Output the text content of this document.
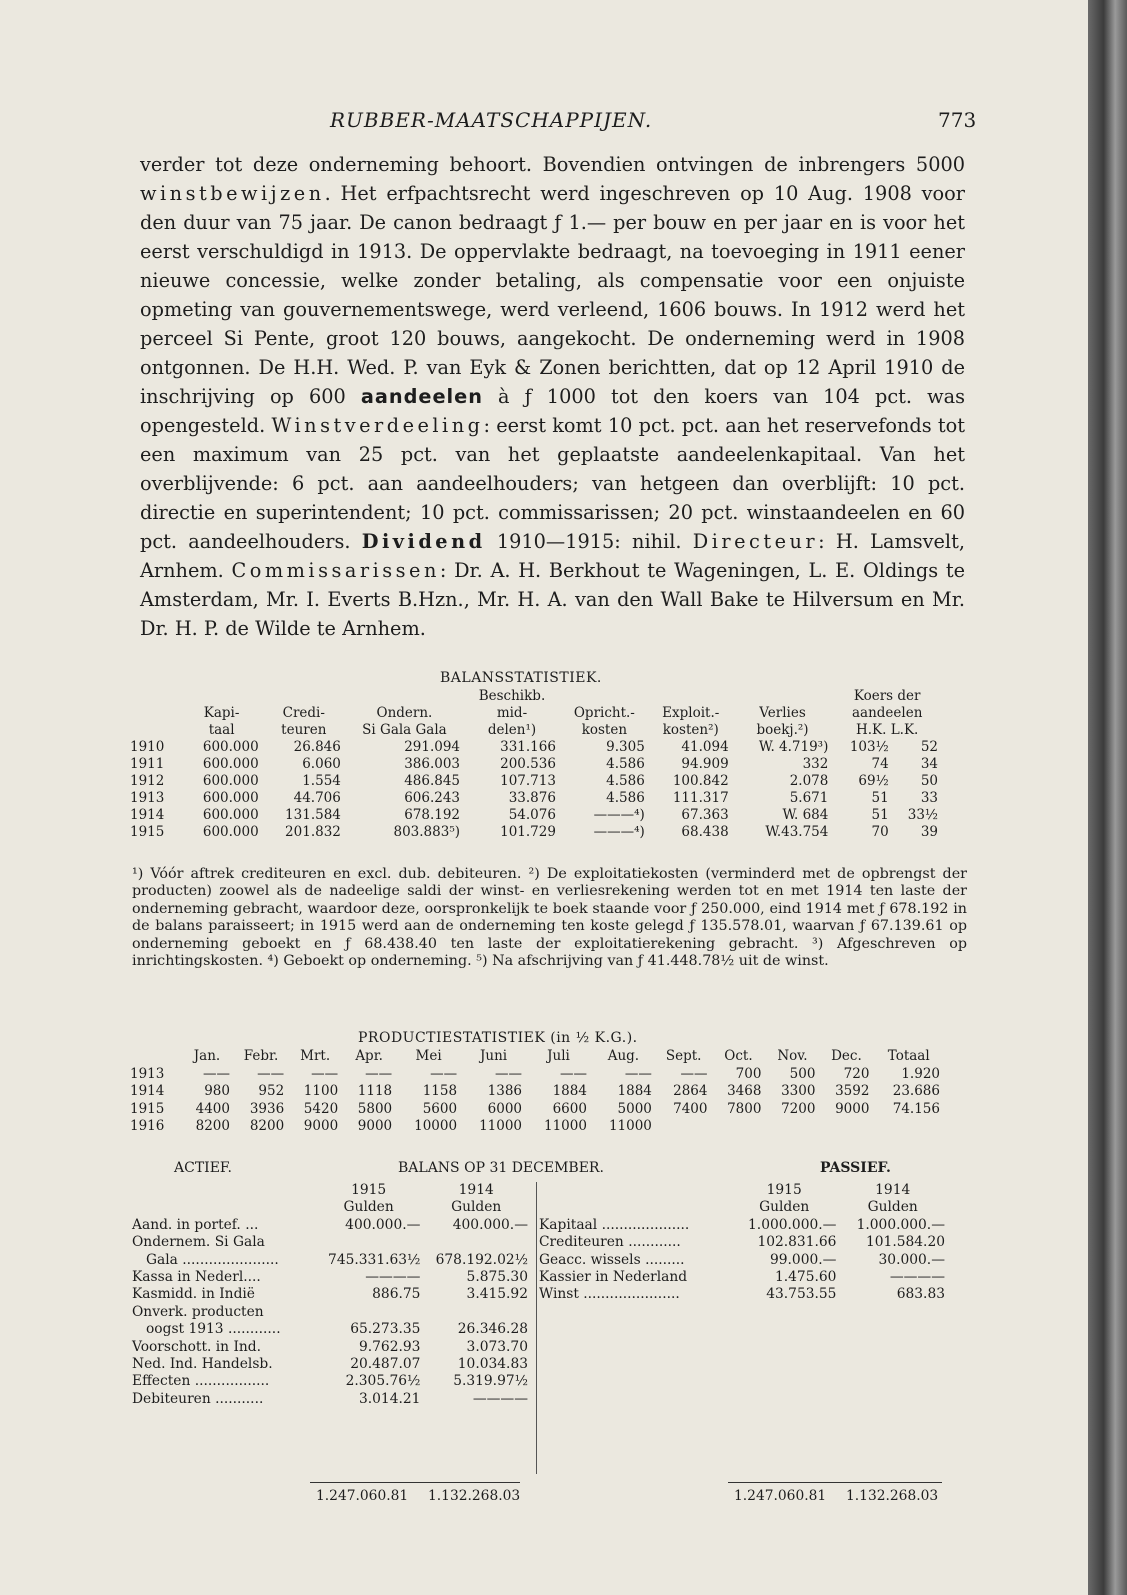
RUBBER-MAATSCHAPPIJEN.	773

verder tot deze onderneming behoort. Bovendien ontvingen de inbrengers 5000 winstbewijzen. Het erfpachtsrecht werd ingeschreven op 10 Aug. 1908 voor den duur van 75 jaar. De canon bedraagt ƒ 1.— per bouw en per jaar en is voor het eerst verschuldigd in 1913. De oppervlakte bedraagt, na toevoeging in 1911 eener nieuwe concessie, welke zonder betaling, als compensatie voor een onjuiste opmeting van gouvernementswege, werd verleend, 1606 bouws. In 1912 werd het perceel Si Pente, groot 120 bouws, aangekocht. De onderneming werd in 1908 ontgonnen. De H.H. Wed. P. van Eyk & Zonen berichtten, dat op 12 April 1910 de inschrijving op 600 aandeelen à ƒ 1000 tot den koers van 104 pct. was opengesteld. Winstverdeeling: eerst komt 10 pct. pct. aan het reservefonds tot een maximum van 25 pct. van het geplaatste aandeelenkapitaal. Van het overblijvende: 6 pct. aan aandeelhouders; van hetgeen dan overblijft: 10 pct. directie en superintendent; 10 pct. commissarissen; 20 pct. winstaandeelen en 60 pct. aandeelhouders. Dividend 1910—1915: nihil. Directeur: H. Lamsvelt, Arnhem. Commissarissen: Dr. A. H. Berkhout te Wageningen, L. E. Oldings te Amsterdam, Mr. I. Everts B.Hzn., Mr. H. A. van den Wall Bake te Hilversum en Mr. Dr. H. P. de Wilde te Arnhem.

BALANSSTATISTIEK.
				Beschikb.				Koers der	
	Kapi-	Credi-	Ondern.	mid-	Opricht.-	Exploit.-	Verlies	aandeelen	
	taal	teuren	Si Gala Gala	delen¹)	kosten	kosten²)	boekj.²)	H.K. L.K.	
1910	600.000	26.846	291.094	331.166	9.305	41.094	W. 4.719³)	103½	52
1911	600.000	6.060	386.003	200.536	4.586	94.909	332	74	34
1912	600.000	1.554	486.845	107.713	4.586	100.842	2.078	69½	50
1913	600.000	44.706	606.243	33.876	4.586	111.317	5.671	51	33
1914	600.000	131.584	678.192	54.076	———⁴)	67.363	W. 684	51	33½
1915	600.000	201.832	803.883⁵)	101.729	———⁴)	68.438	W.43.754	70	39
¹) Vóór aftrek crediteuren en excl. dub. debiteuren. ²) De exploitatiekosten (verminderd met de opbrengst der producten) zoowel als de nadeelige saldi der winst- en verliesrekening werden tot en met 1914 ten laste der onderneming gebracht, waardoor deze, oorspronkelijk te boek staande voor ƒ 250.000, eind 1914 met ƒ 678.192 in de balans paraisseert; in 1915 werd aan de onderneming ten koste gelegd ƒ 135.578.01, waarvan ƒ 67.139.61 op onderneming geboekt en ƒ 68.438.40 ten laste der exploitatierekening gebracht. ³) Afgeschreven op inrichtingskosten. ⁴) Geboekt op onderneming. ⁵) Na afschrijving van ƒ 41.448.78½ uit de winst.
PRODUCTIESTATISTIEK (in ½ K.G.).
	Jan.	Febr.	Mrt.	Apr.	Mei	Juni	Juli	Aug.	Sept.	Oct.	Nov.	Dec.	Totaal
1913	——	——	——	——	——	——	——	——	——	700	500	720	1.920
1914	980	952	1100	1118	1158	1386	1884	1884	2864	3468	3300	3592	23.686
1915	4400	3936	5420	5800	5600	6000	6600	5000	7400	7800	7200	9000	74.156
1916	8200	8200	9000	9000	10000	11000	11000	11000					
ACTIEF.	BALANS OP 31 DECEMBER.	PASSIEF.
	1915	1914
	Gulden	Gulden
Aand. in portef. ...	400.000.—	400.000.—
Ondernem. Si Gala		
Gala ......................	745.331.63½	678.192.02½
Kassa in Nederl....	————	5.875.30
Kasmidd. in Indië	886.75	3.415.92
Onverk. producten		
oogst 1913 ............	65.273.35	26.346.28
Voorschott. in Ind.	9.762.93	3.073.70
Ned. Ind. Handelsb.	20.487.07	10.034.83
Effecten .................	2.305.76½	5.319.97½
Debiteuren ...........	3.014.21	————
	1915	1914
	Gulden	Gulden
Kapitaal ....................	1.000.000.—	1.000.000.—
Crediteuren ............	102.831.66	101.584.20
Geacc. wissels .........	99.000.—	30.000.—
Kassier in Nederland	1.475.60	————
Winst ......................	43.753.55	683.83
1.247.060.81 1.132.268.03	1.247.060.81 1.132.268.03
